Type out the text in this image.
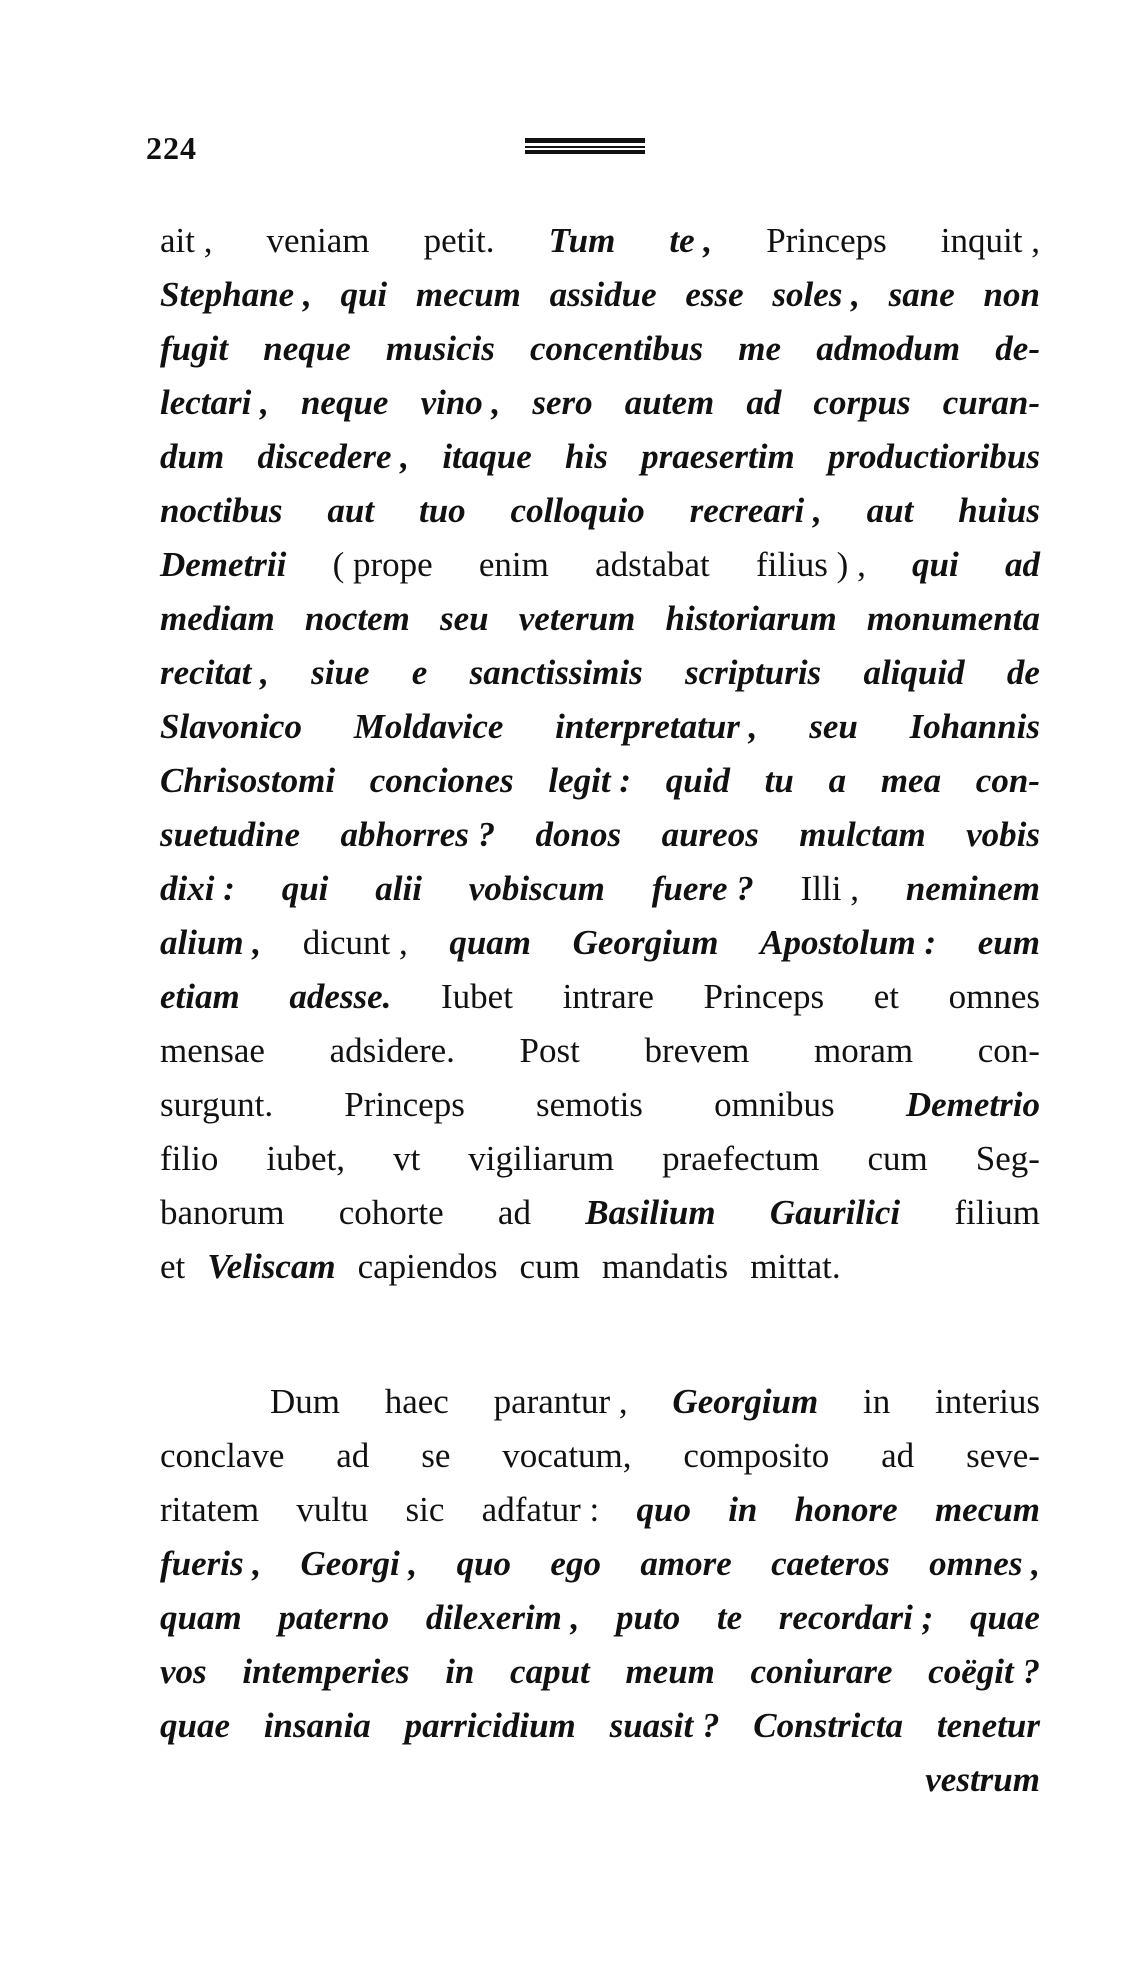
224
ait , veniam petit. Tum te , Princeps inquit ,
Stephane , qui mecum assidue esse soles , sane non
fugit neque musicis concentibus me admodum de-
lectari , neque vino , sero autem ad corpus curan-
dum discedere , itaque his praesertim productioribus
noctibus aut tuo colloquio recreari , aut huius
Demetrii ( prope enim adstabat filius ) , qui ad
mediam noctem seu veterum historiarum monumenta
recitat , siue e sanctissimis scripturis aliquid de
Slavonico Moldavice interpretatur , seu Iohannis
Chrisostomi conciones legit : quid tu a mea con-
suetudine abhorres ? donos aureos mulctam vobis
dixi : qui alii vobiscum fuere ? Illi , neminem
alium , dicunt , quam Georgium Apostolum : eum
etiam adesse. Iubet intrare Princeps et omnes
mensae adsidere. Post brevem moram con-
surgunt. Princeps semotis omnibus Demetrio
filio iubet, vt vigiliarum praefectum cum Seg-
banorum cohorte ad Basilium Gaurilici filium
et Veliscam capiendos cum mandatis mittat.
Dum haec parantur , Georgium in interius
conclave ad se vocatum, composito ad seve-
ritatem vultu sic adfatur : quo in honore mecum
fueris , Georgi , quo ego amore caeteros omnes ,
quam paterno dilexerim , puto te recordari ; quae
vos intemperies in caput meum coniurare coëgit ?
quae insania parricidium suasit ? Constricta tenetur
vestrum
